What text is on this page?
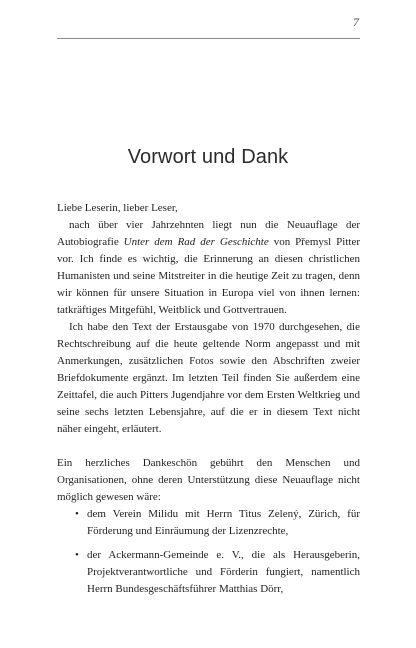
7
Vorwort und Dank

Liebe Leserin, lieber Leser,

nach über vier Jahrzehnten liegt nun die Neuauflage der Autobiografie Unter dem Rad der Geschichte von Přemysl Pitter vor. Ich finde es wichtig, die Erinnerung an diesen christlichen Humanisten und seine Mitstreiter in die heutige Zeit zu tragen, denn wir können für unsere Situation in Europa viel von ihnen lernen: tatkräftiges Mitgefühl, Weitblick und Gottvertrauen.

Ich habe den Text der Erstausgabe von 1970 durchgesehen, die Rechtschreibung auf die heute geltende Norm angepasst und mit Anmerkungen, zusätzlichen Fotos sowie den Abschriften zweier Briefdokumente ergänzt. Im letzten Teil finden Sie außerdem eine Zeittafel, die auch Pitters Jugendjahre vor dem Ersten Weltkrieg und seine sechs letzten Lebensjahre, auf die er in diesem Text nicht näher eingeht, erläutert.

Ein herzliches Dankeschön gebührt den Menschen und Organisationen, ohne deren Unterstützung diese Neuauflage nicht möglich gewesen wäre:

• dem Verein Milidu mit Herrn Titus Zelený, Zürich, für Förderung und Einräumung der Lizenzrechte,
• der Ackermann-Gemeinde e. V., die als Herausgeberin, Projektverantwortliche und Förderin fungiert, namentlich Herrn Bundesgeschäftsführer Matthias Dörr,
